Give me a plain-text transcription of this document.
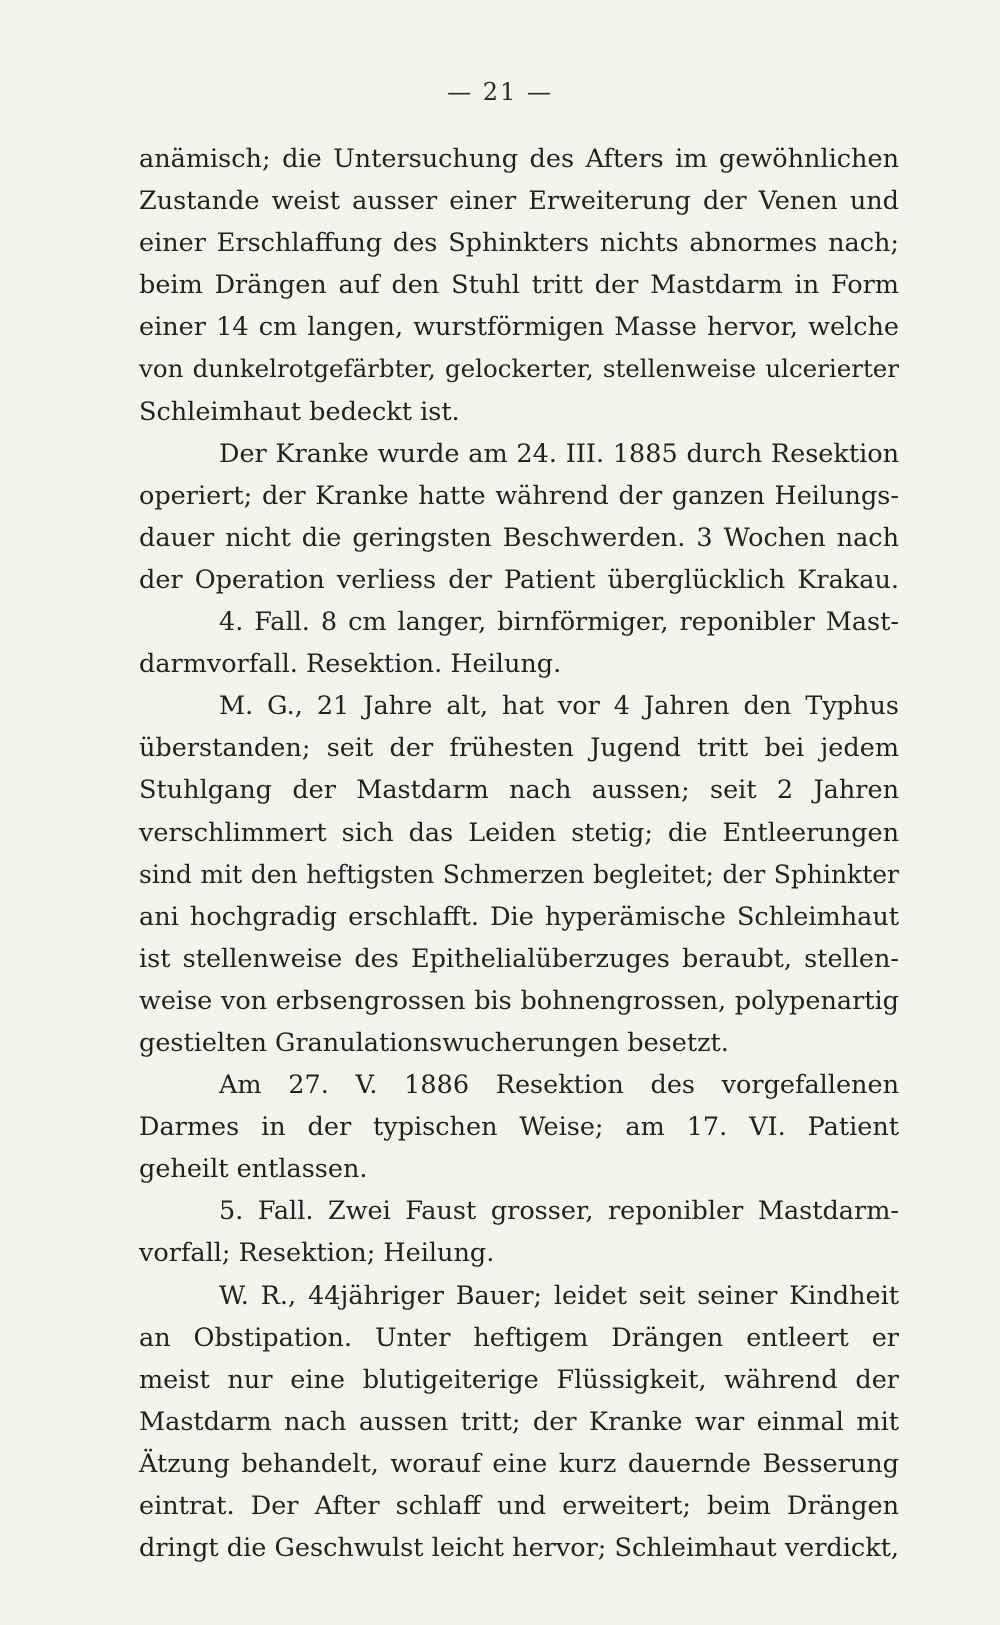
— 21 —
anämisch; die Untersuchung des Afters im gewöhnlichen
Zustande weist ausser einer Erweiterung der Venen und
einer Erschlaffung des Sphinkters nichts abnormes nach;
beim Drängen auf den Stuhl tritt der Mastdarm in Form
einer 14 cm langen, wurstförmigen Masse hervor, welche
von dunkelrotgefärbter, gelockerter, stellenweise ulcerierter
Schleimhaut bedeckt ist.
Der Kranke wurde am 24. III. 1885 durch Resektion
operiert; der Kranke hatte während der ganzen Heilungs-
dauer nicht die geringsten Beschwerden. 3 Wochen nach
der Operation verliess der Patient überglücklich Krakau.
4. Fall. 8 cm langer, birnförmiger, reponibler Mast-
darmvorfall. Resektion. Heilung.
M. G., 21 Jahre alt, hat vor 4 Jahren den Typhus
überstanden; seit der frühesten Jugend tritt bei jedem
Stuhlgang der Mastdarm nach aussen; seit 2 Jahren
verschlimmert sich das Leiden stetig; die Entleerungen
sind mit den heftigsten Schmerzen begleitet; der Sphinkter
ani hochgradig erschlafft. Die hyperämische Schleimhaut
ist stellenweise des Epithelialüberzuges beraubt, stellen-
weise von erbsengrossen bis bohnengrossen, polypenartig
gestielten Granulationswucherungen besetzt.
Am 27. V. 1886 Resektion des vorgefallenen
Darmes in der typischen Weise; am 17. VI. Patient
geheilt entlassen.
5. Fall. Zwei Faust grosser, reponibler Mastdarm-
vorfall; Resektion; Heilung.
W. R., 44jähriger Bauer; leidet seit seiner Kindheit
an Obstipation. Unter heftigem Drängen entleert er
meist nur eine blutigeiterige Flüssigkeit, während der
Mastdarm nach aussen tritt; der Kranke war einmal mit
Ätzung behandelt, worauf eine kurz dauernde Besserung
eintrat. Der After schlaff und erweitert; beim Drängen
dringt die Geschwulst leicht hervor; Schleimhaut verdickt,
